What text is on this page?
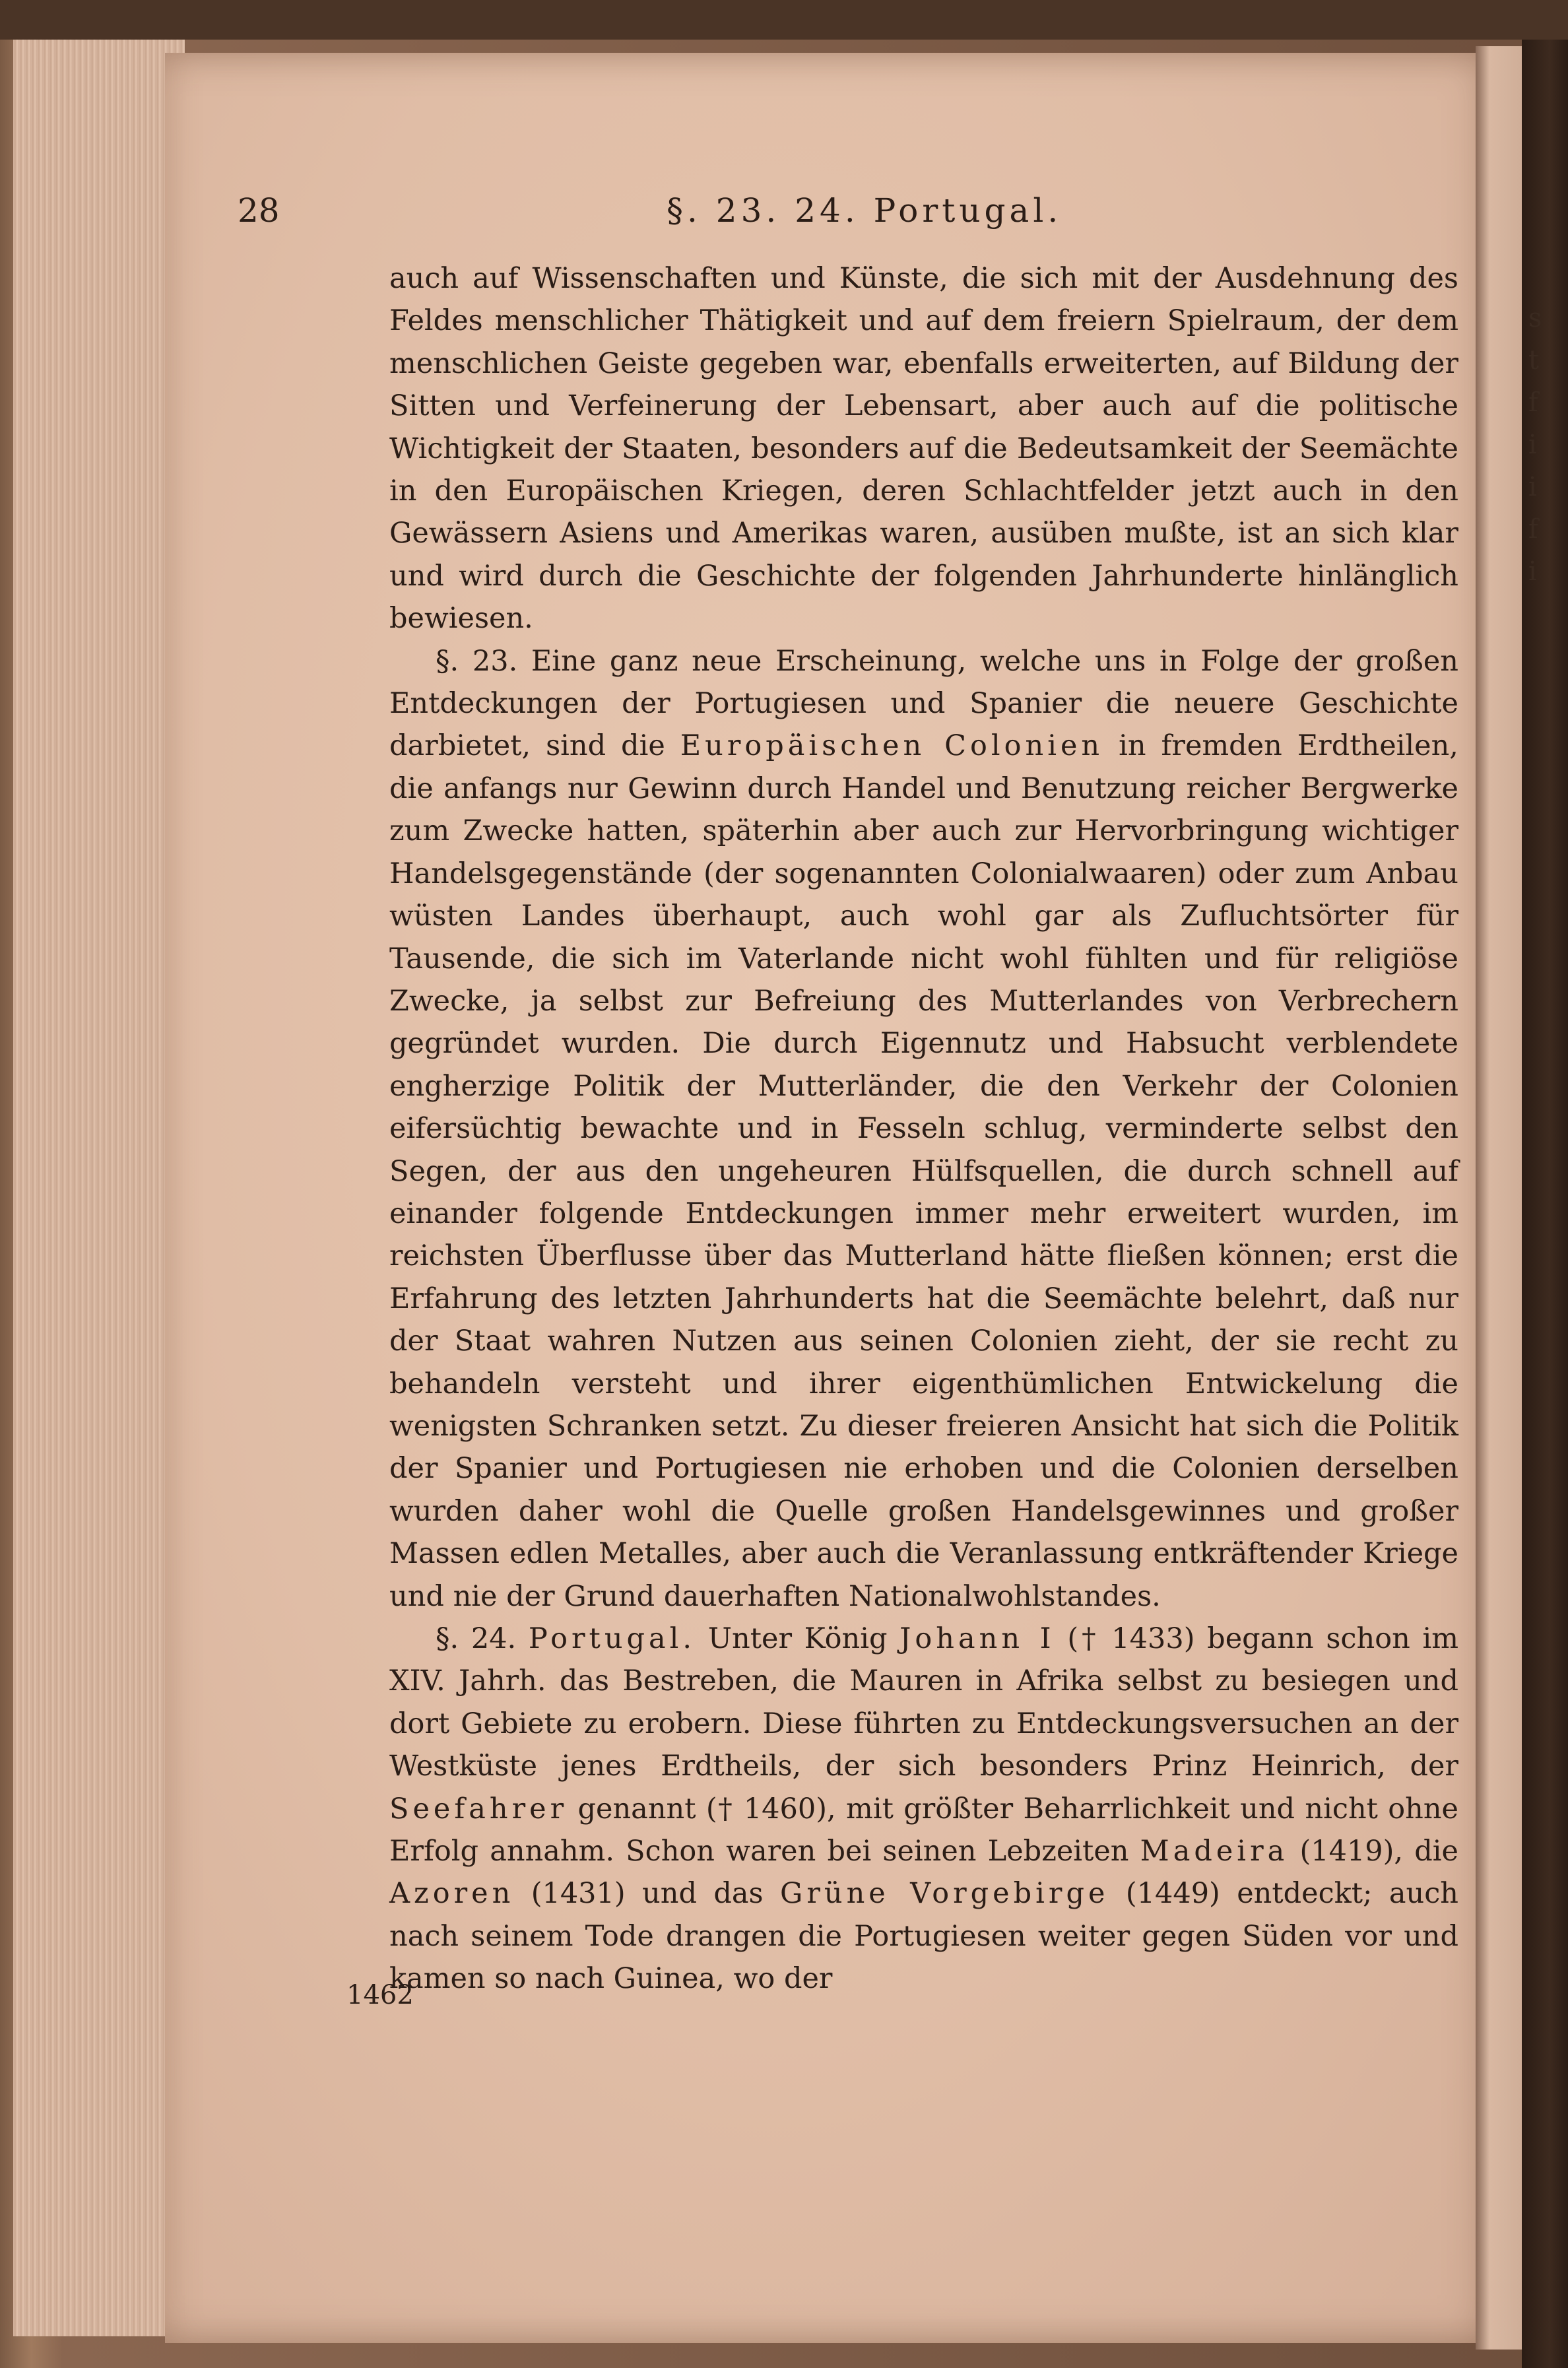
28	§. 23. 24. Portugal.

auch auf Wissenschaften und Künste, die sich mit der Ausdehnung des Feldes menschlicher Thätigkeit und auf dem freiern Spielraum, der dem menschlichen Geiste gegeben war, ebenfalls erweiterten, auf Bildung der Sitten und Verfeinerung der Lebensart, aber auch auf die politische Wichtigkeit der Staaten, besonders auf die Bedeutsamkeit der Seemächte in den Europäischen Kriegen, deren Schlachtfelder jetzt auch in den Gewässern Asiens und Amerikas waren, ausüben mußte, ist an sich klar und wird durch die Geschichte der folgenden Jahrhunderte hinlänglich bewiesen.

§. 23. Eine ganz neue Erscheinung, welche uns in Folge der großen Entdeckungen der Portugiesen und Spanier die neuere Geschichte darbietet, sind die Europäischen Colonien in fremden Erdtheilen, die anfangs nur Gewinn durch Handel und Benutzung reicher Bergwerke zum Zwecke hatten, späterhin aber auch zur Hervorbringung wichtiger Handelsgegenstände (der sogenannten Colonialwaaren) oder zum Anbau wüsten Landes überhaupt, auch wohl gar als Zufluchtsörter für Tausende, die sich im Vaterlande nicht wohl fühlten und für religiöse Zwecke, ja selbst zur Befreiung des Mutterlandes von Verbrechern gegründet wurden. Die durch Eigennutz und Habsucht verblendete engherzige Politik der Mutterländer, die den Verkehr der Colonien eifersüchtig bewachte und in Fesseln schlug, verminderte selbst den Segen, der aus den ungeheuren Hülfsquellen, die durch schnell auf einander folgende Entdeckungen immer mehr erweitert wurden, im reichsten Überflusse über das Mutterland hätte fließen können; erst die Erfahrung des letzten Jahrhunderts hat die Seemächte belehrt, daß nur der Staat wahren Nutzen aus seinen Colonien zieht, der sie recht zu behandeln versteht und ihrer eigenthümlichen Entwickelung die wenigsten Schranken setzt. Zu dieser freieren Ansicht hat sich die Politik der Spanier und Portugiesen nie erhoben und die Colonien derselben wurden daher wohl die Quelle großen Handelsgewinnes und großer Massen edlen Metalles, aber auch die Veranlassung entkräftender Kriege und nie der Grund dauerhaften Nationalwohlstandes.

§. 24. Portugal. Unter König Johann I († 1433) begann schon im XIV. Jahrh. das Bestreben, die Mauren in Afrika selbst zu besiegen und dort Gebiete zu erobern. Diese führten zu Entdeckungsversuchen an der Westküste jenes Erdtheils, der sich besonders Prinz Heinrich, der Seefahrer genannt († 1460), mit größter Beharrlichkeit und nicht ohne Erfolg annahm. Schon waren bei seinen Lebzeiten Madeira (1419), die Azoren (1431) und das Grüne Vorgebirge (1449) entdeckt; auch nach seinem Tode drangen die Portugiesen weiter gegen Süden vor und kamen so nach Guinea, wo der

1462
s
t
f
i
i
f
i
